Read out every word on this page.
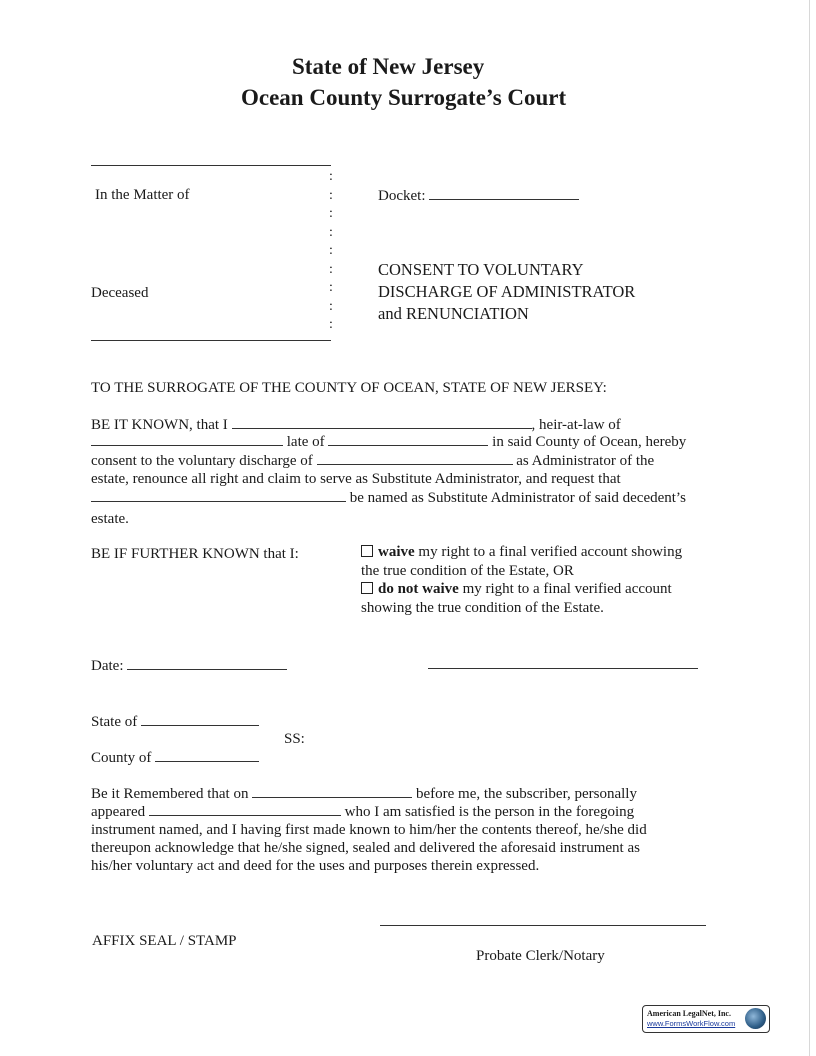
State of New Jersey
Ocean County Surrogate’s Court
In the Matter of
Deceased
:
:
:
:
:
:
:
:
:
Docket:
CONSENT TO VOLUNTARY
DISCHARGE OF ADMINISTRATOR
and RENUNCIATION
TO THE SURROGATE OF THE COUNTY OF OCEAN, STATE OF NEW JERSEY:
BE IT KNOWN, that I	, heir-at-law of
late of	in said County of Ocean, hereby
consent to the voluntary discharge of	as Administrator of the
estate, renounce all right and claim to serve as Substitute Administrator, and request that
be named as Substitute Administrator of said decedent’s
estate.
BE IF FURTHER KNOWN that I:	waive my right to a final verified account showing
the true condition of the Estate, OR
do not waive my right to a final verified account
showing the true condition of the Estate.
Date:
State of
SS:
County of
Be it Remembered that on	before me, the subscriber, personally
appeared	who I am satisfied is the person in the foregoing
instrument named, and I having first made known to him/her the contents thereof, he/she did
thereupon acknowledge that he/she signed, sealed and delivered the aforesaid instrument as
his/her voluntary act and deed for the uses and purposes therein expressed.
AFFIX SEAL / STAMP
Probate Clerk/Notary
American LegalNet, Inc.
www.FormsWorkFlow.com
